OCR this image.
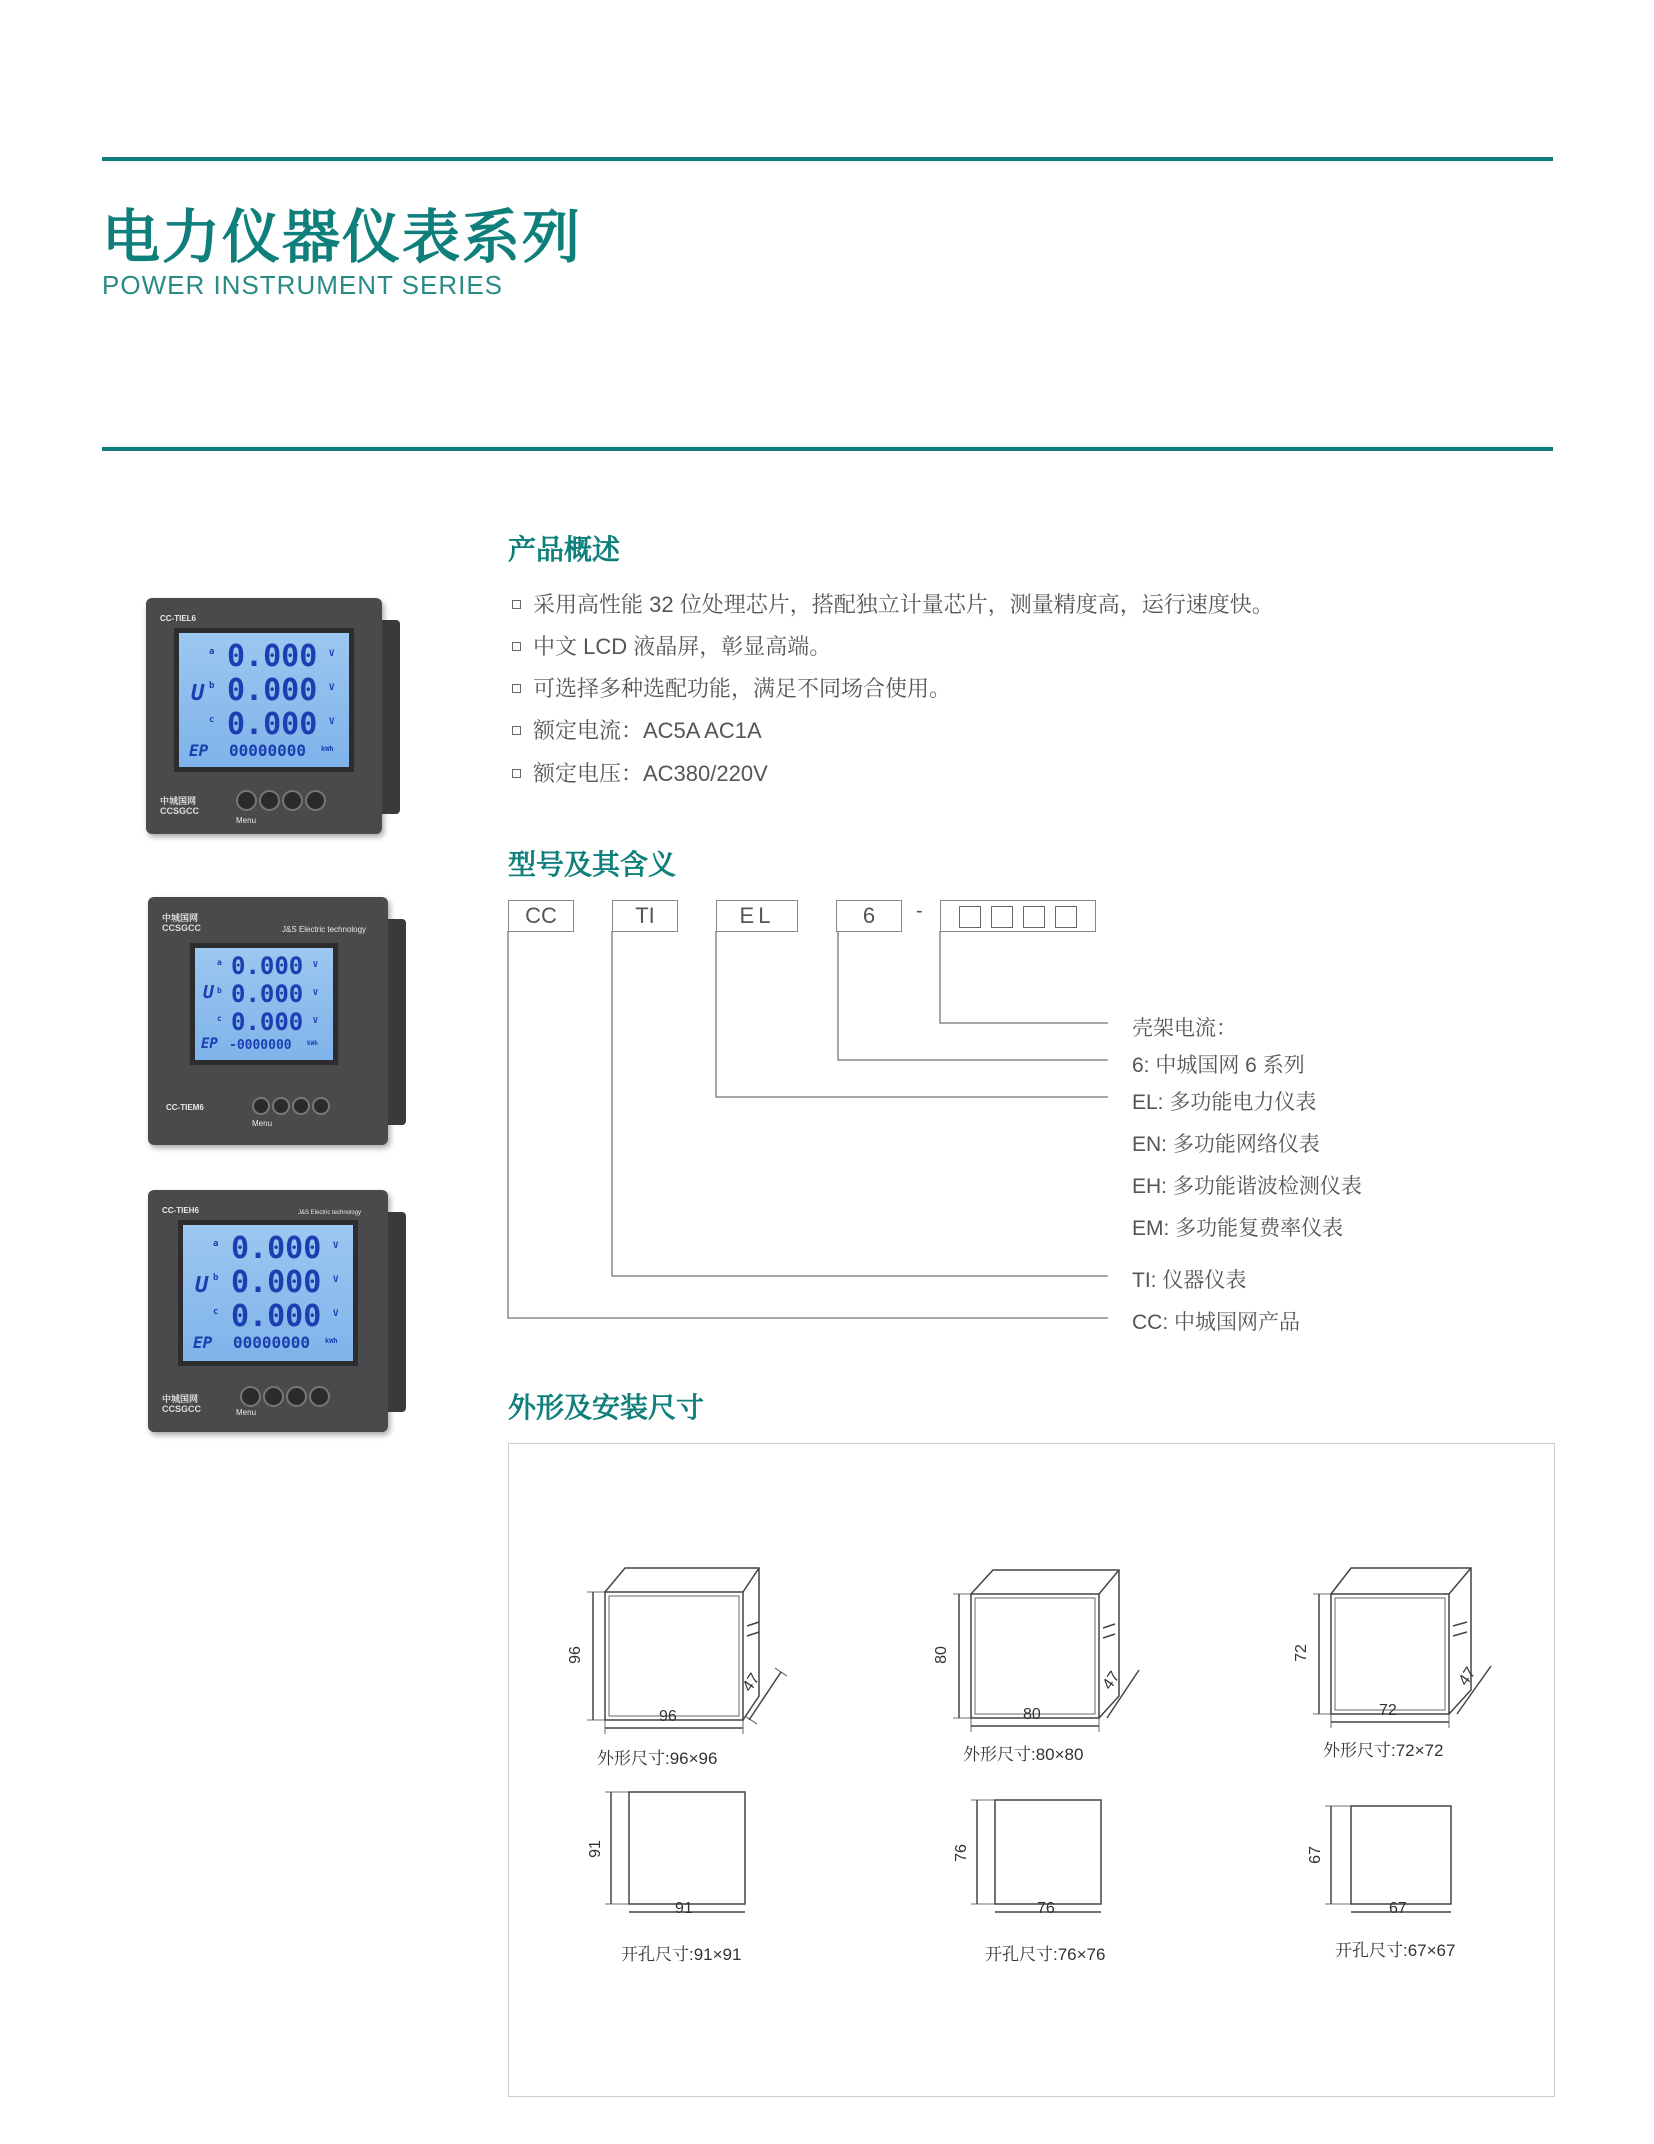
电力仪器仪表系列
POWER INSTRUMENT SERIES
CC-TIEL6
U
a 0.000 V
b 0.000 V
c 0.000 V
EP 00000000 kWh
中城国网
CCSGCC
Menu
中城国网
CCSGCC	J&S Electric technology
U
a 0.000 V
b 0.000 V
c 0.000 V
EP -0000000	kWh
CC-TIEM6
Menu
CC-TIEH6	J&S Electric technology
U
a 0.000 V
b 0.000 V
c 0.000 V
EP 00000000 kWh
中城国网
CCSGCC	Menu
产品概述
采用高性能 32 位处理芯片，搭配独立计量芯片，测量精度高，运行速度快。
中文 LCD 液晶屏，彰显高端。
可选择多种选配功能，满足不同场合使用。
额定电流：AC5A AC1A
额定电压：AC380/220V
型号及其含义
CC	TI	EL	6	-
壳架电流：
6: 中城国网 6 系列
EL: 多功能电力仪表
EN: 多功能网络仪表
EH: 多功能谐波检测仪表
EM: 多功能复费率仪表
TI: 仪器仪表
CC: 中城国网产品
外形及安装尺寸
96
96
47
外形尺寸:96×96
80
80
47
外形尺寸:80×80
72
72
47
外形尺寸:72×72
91
91
开孔尺寸:91×91
76
76
开孔尺寸:76×76
67
67
开孔尺寸:67×67
